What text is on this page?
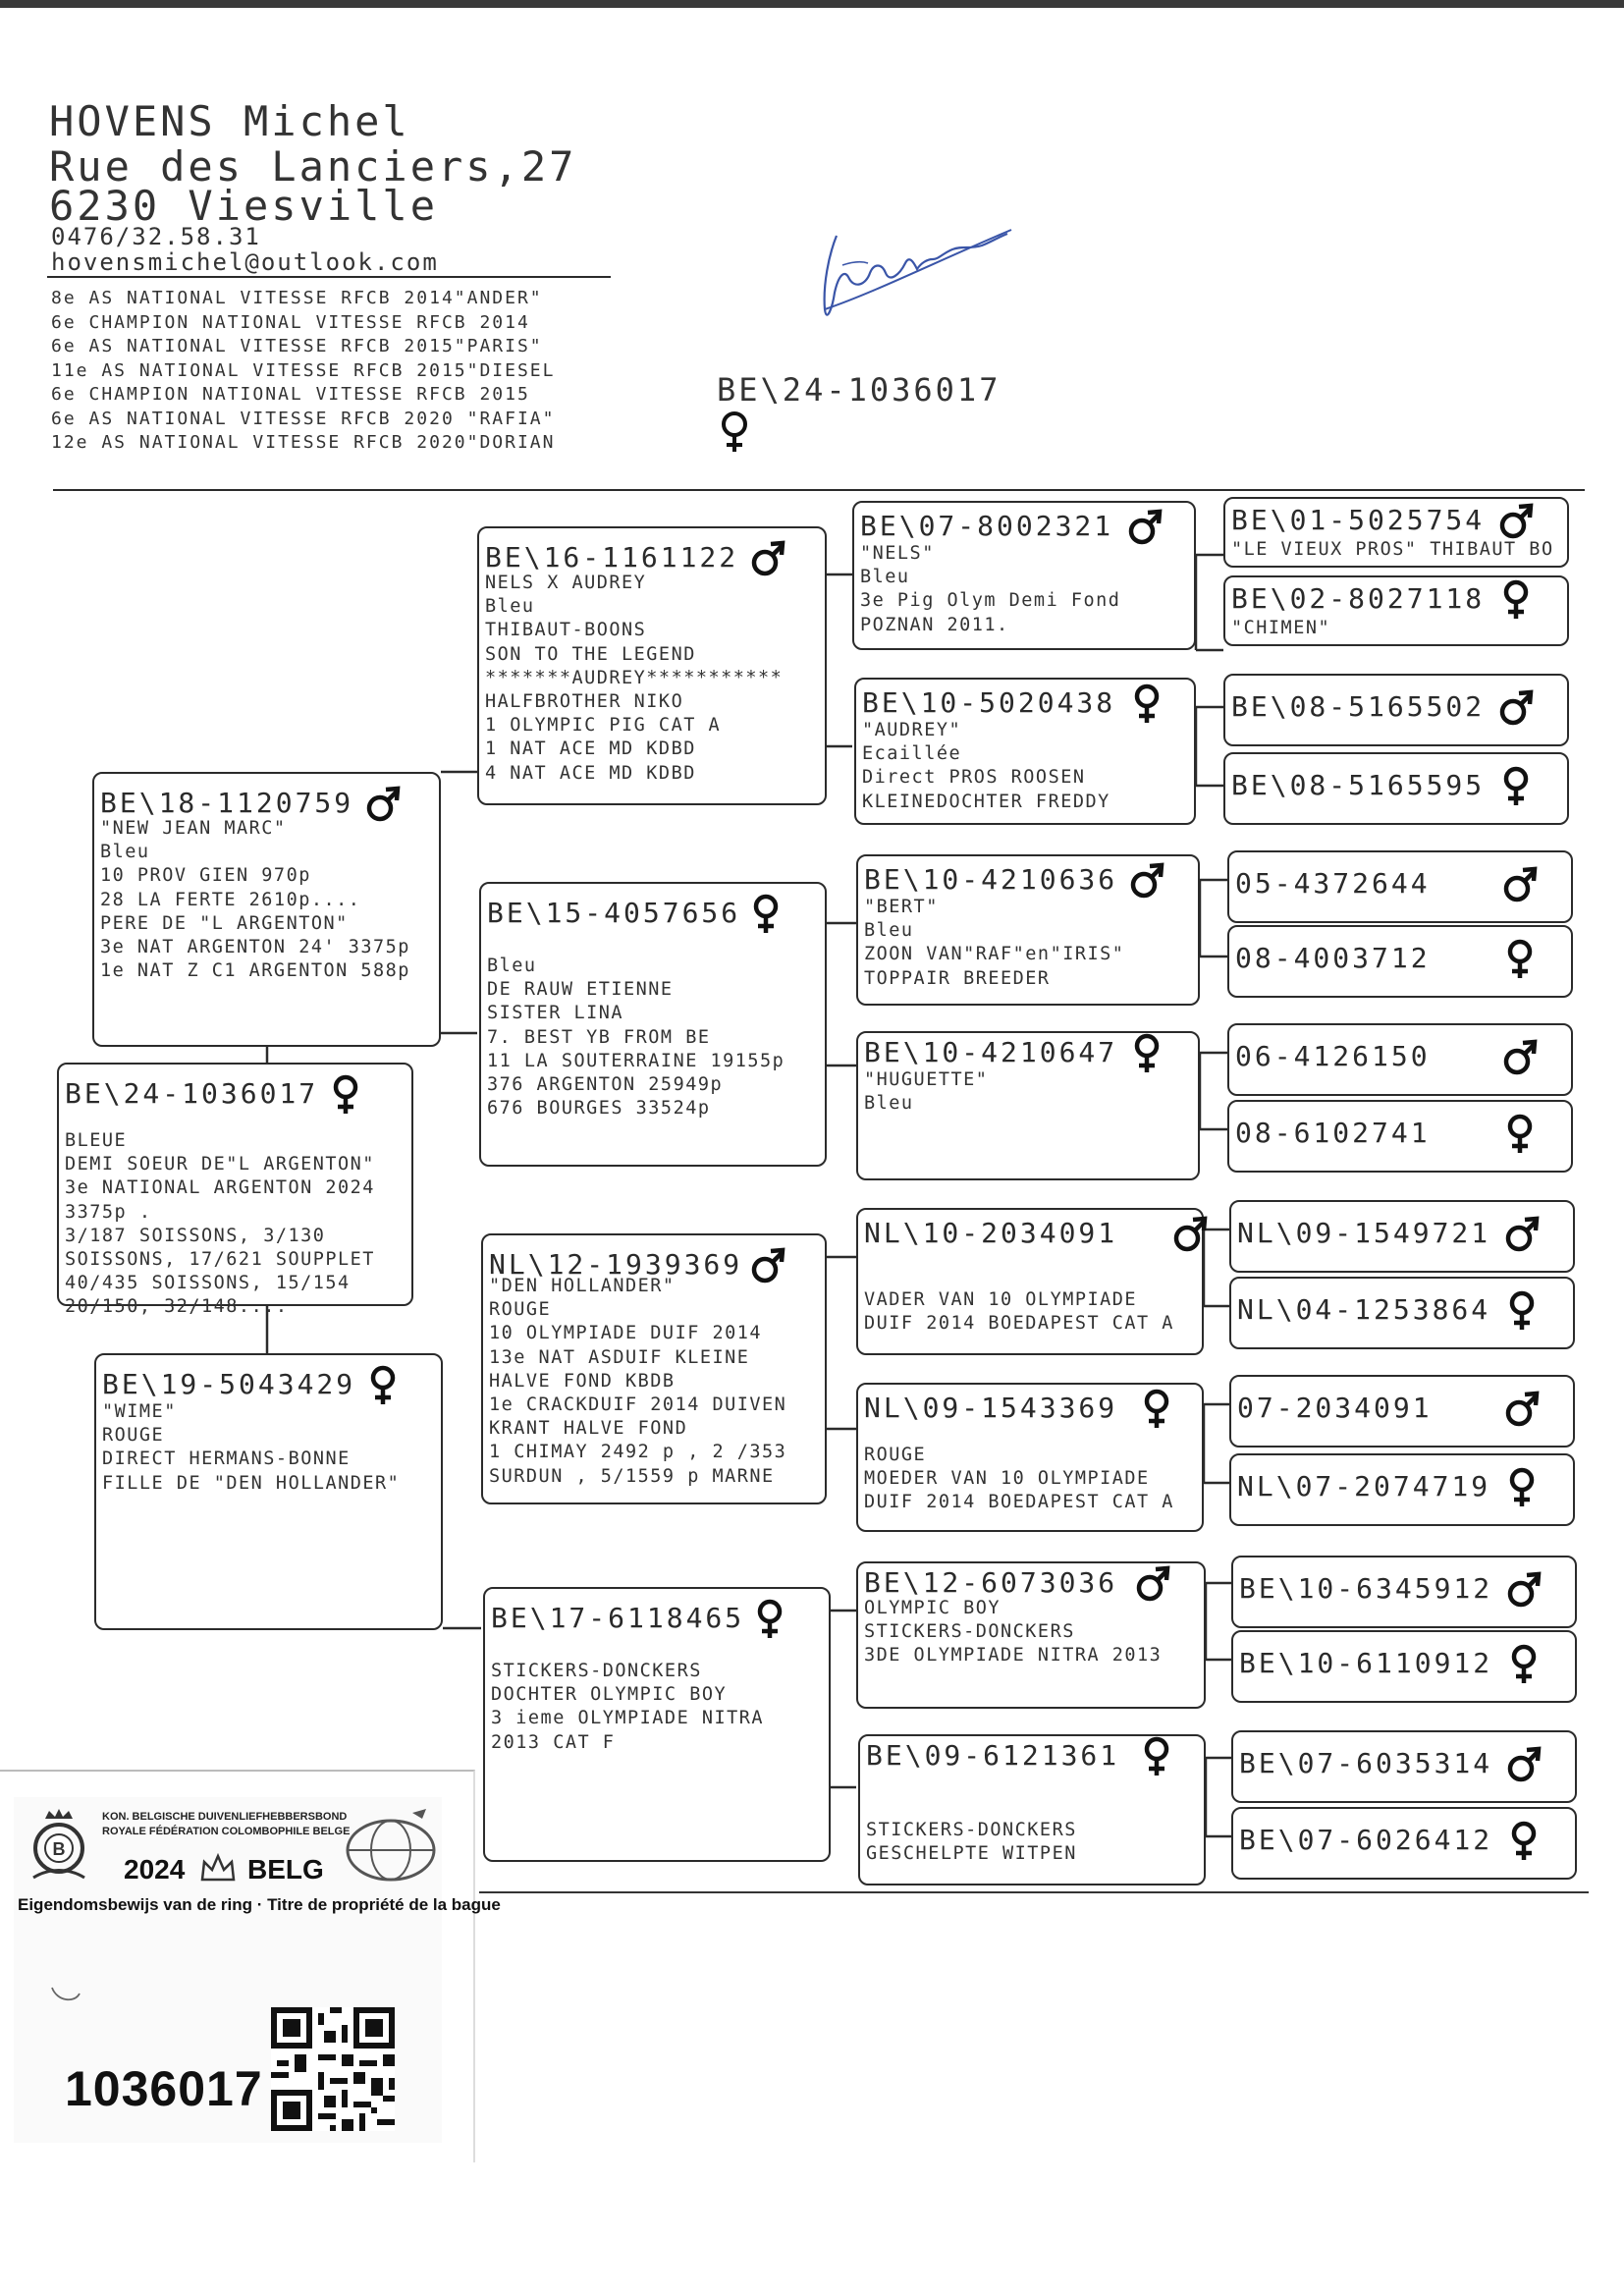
HOVENS Michel
Rue des Lanciers,27
6230 Viesville
0476/32.58.31
hovensmichel@outlook.com
8e AS NATIONAL VITESSE RFCB 2014"ANDER"
6e CHAMPION NATIONAL VITESSE RFCB 2014
6e AS NATIONAL VITESSE RFCB 2015"PARIS"
11e AS NATIONAL VITESSE RFCB 2015"DIESEL
6e CHAMPION NATIONAL VITESSE RFCB 2015
6e AS NATIONAL VITESSE RFCB 2020 "RAFIA"
12e AS NATIONAL VITESSE RFCB 2020"DORIAN
BE\24-1036017
BE\24-1036017
BLEUE
DEMI SOEUR DE"L ARGENTON"
3e NATIONAL ARGENTON 2024
3375p .
3/187 SOISSONS, 3/130
SOISSONS, 17/621 SOUPPLET
40/435 SOISSONS, 15/154
20/150, 32/148....
BE\18-1120759
"NEW JEAN MARC"
Bleu
10 PROV GIEN 970p
28 LA FERTE 2610p....
PERE DE "L ARGENTON"
3e NAT ARGENTON 24' 3375p
1e NAT Z C1 ARGENTON 588p
BE\19-5043429
"WIME"
ROUGE
DIRECT HERMANS-BONNE
FILLE DE "DEN HOLLANDER"
BE\16-1161122
NELS X AUDREY
Bleu
THIBAUT-BOONS
SON TO THE LEGEND
*******AUDREY***********
HALFBROTHER NIKO
1 OLYMPIC PIG CAT A
1 NAT ACE MD KDBD
4 NAT ACE MD KDBD
BE\15-4057656
Bleu
DE RAUW ETIENNE
SISTER LINA
7. BEST YB FROM BE
11 LA SOUTERRAINE 19155p
376 ARGENTON 25949p
676 BOURGES 33524p
NL\12-1939369
"DEN HOLLANDER"
ROUGE
10 OLYMPIADE DUIF 2014
13e NAT ASDUIF KLEINE
HALVE FOND KBDB
1e CRACKDUIF 2014 DUIVEN
KRANT HALVE FOND
1 CHIMAY 2492 p , 2 /353
SURDUN , 5/1559 p MARNE
BE\17-6118465
STICKERS-DONCKERS
DOCHTER OLYMPIC BOY
3 ieme OLYMPIADE NITRA
2013 CAT F
BE\07-8002321
"NELS"
Bleu
3e Pig Olym Demi Fond
POZNAN 2011.
BE\10-5020438
"AUDREY"
Ecaillée
Direct PROS ROOSEN
KLEINEDOCHTER FREDDY
BE\10-4210636
"BERT"
Bleu
ZOON VAN"RAF"en"IRIS"
TOPPAIR BREEDER
BE\10-4210647
"HUGUETTE"
Bleu
NL\10-2034091
VADER VAN 10 OLYMPIADE
DUIF 2014 BOEDAPEST CAT A
NL\09-1543369
ROUGE
MOEDER VAN 10 OLYMPIADE
DUIF 2014 BOEDAPEST CAT A
BE\12-6073036
OLYMPIC BOY
STICKERS-DONCKERS
3DE OLYMPIADE NITRA 2013
BE\09-6121361
STICKERS-DONCKERS
GESCHELPTE WITPEN
BE\01-5025754
"LE VIEUX PROS" THIBAUT BO
BE\02-8027118
"CHIMEN"
BE\08-5165502
BE\08-5165595
05-4372644
08-4003712
06-4126150
08-6102741
NL\09-1549721
NL\04-1253864
07-2034091
NL\07-2074719
BE\10-6345912
BE\10-6110912
BE\07-6035314
BE\07-6026412
B
KON. BELGISCHE DUIVENLIEFHEBBERSBOND
ROYALE FÉDÉRATION COLOMBOPHILE BELGE
2024 BELG
Eigendomsbewijs van de ring · Titre de propriété de la bague
1036017
